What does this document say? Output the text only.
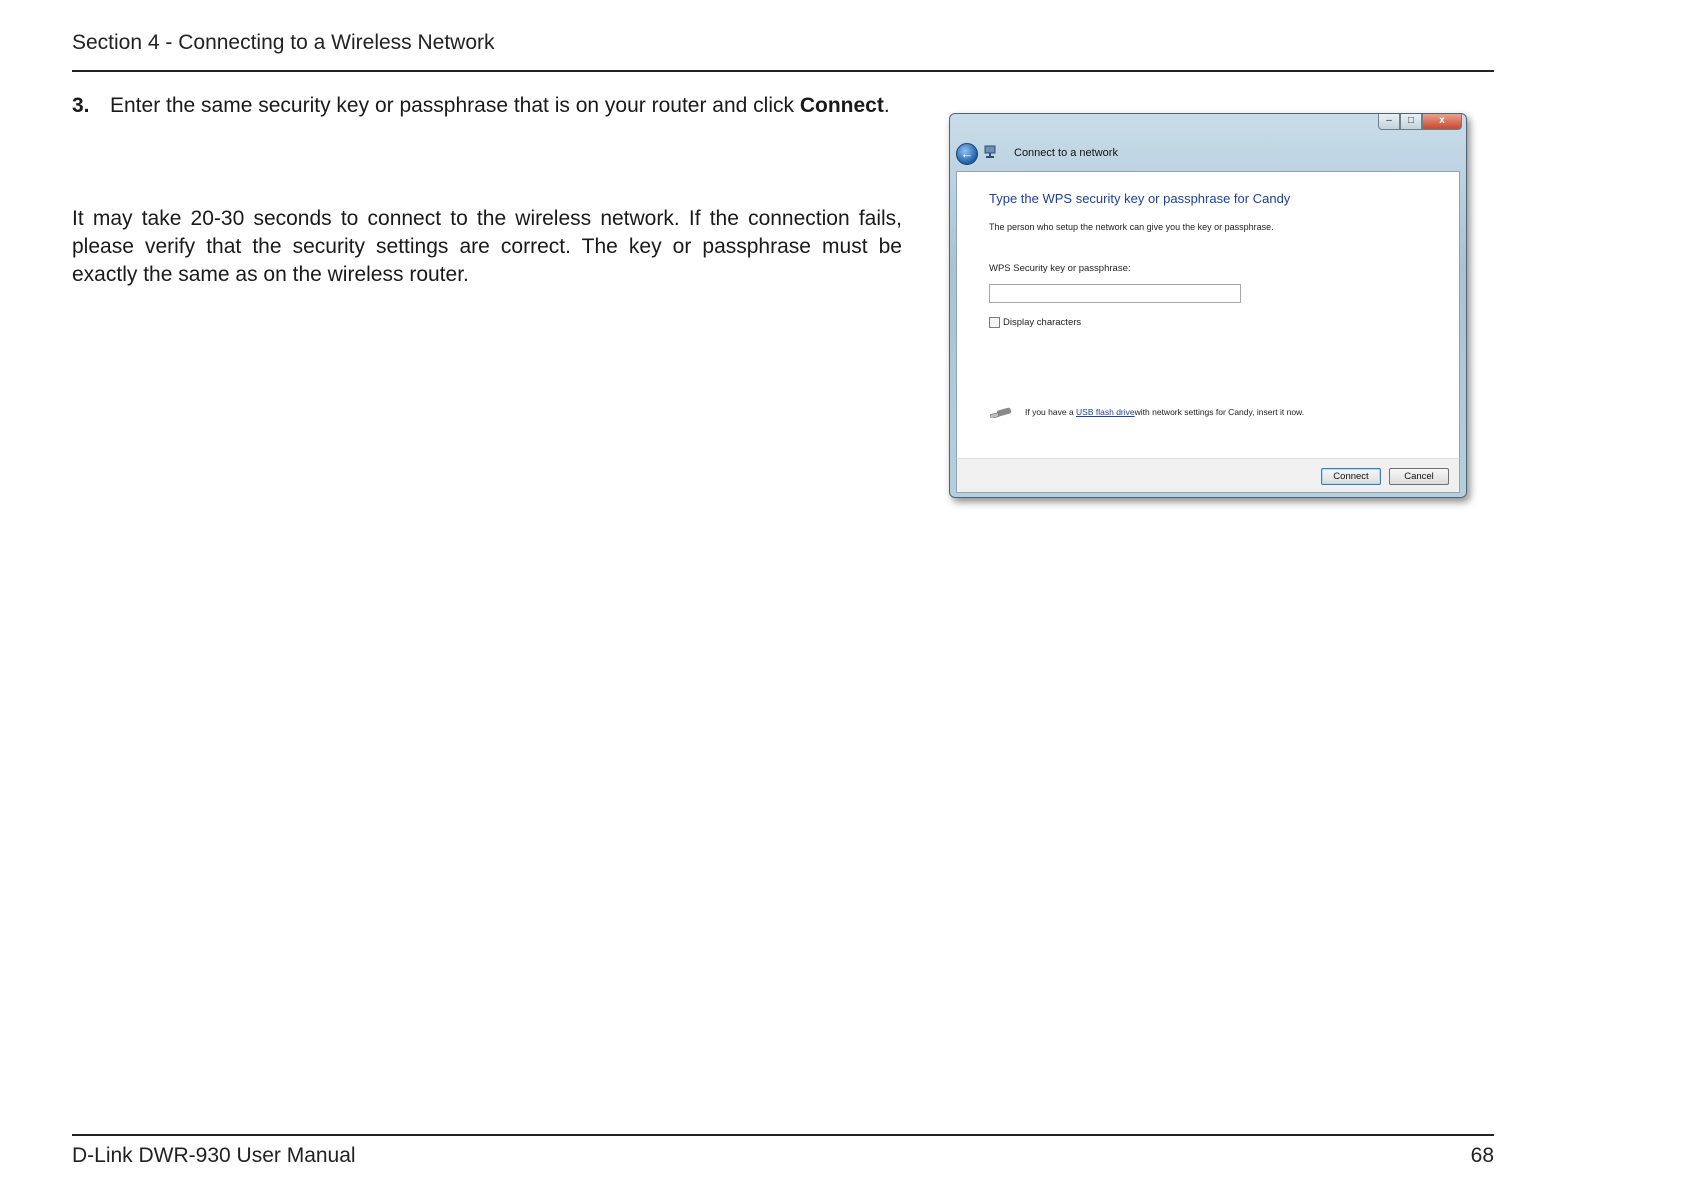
Section 4 - Connecting to a Wireless Network
3. Enter the same security key or passphrase that is on your router and click Connect.
It may take 20-30 seconds to connect to the wireless network. If the connection fails, please verify that the security settings are correct. The key or passphrase must be exactly the same as on the wireless router.
–	□	x
←	Connect to a network
Type the WPS security key or passphrase for Candy
The person who setup the network can give you the key or passphrase.
WPS Security key or passphrase:
Display characters
If you have a
USB flash drive with network settings for Candy, insert it now.
Connect	Cancel
D-Link DWR-930 User Manual	68
